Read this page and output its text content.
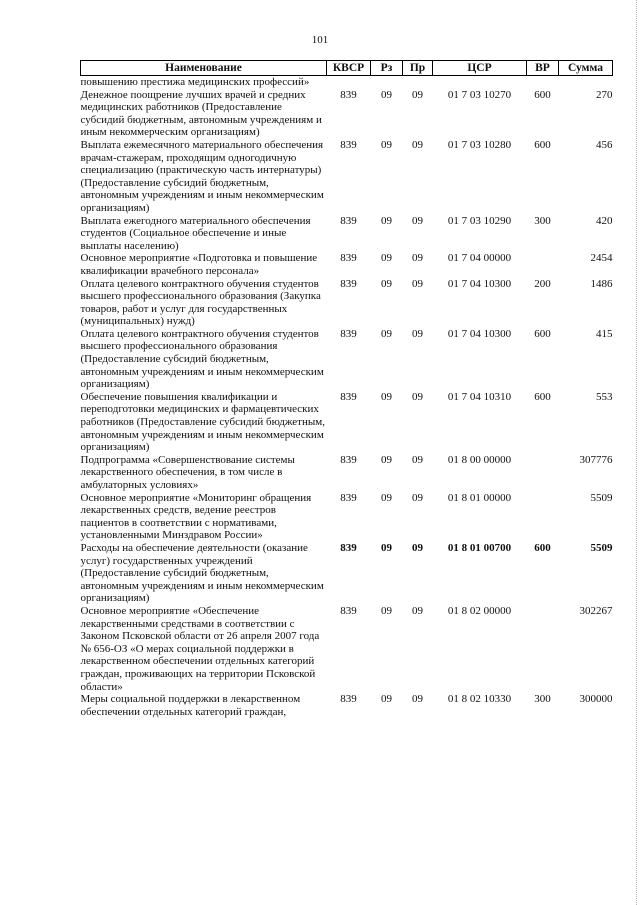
101
Наименование	КВСР	Рз	Пр	ЦСР	ВР	Сумма
повышению престижа медицинских профессий»						
Денежное поощрение лучших врачей и средних медицинских работников (Предоставление субсидий бюджетным, автономным учреждениям и иным некоммерческим организациям)	839	09	09	01 7 03 10270	600	270
Выплата ежемесячного материального обеспечения врачам-стажерам, проходящим одногодичную специализацию (практическую часть интернатуры) (Предоставление субсидий бюджетным, автономным учреждениям и иным некоммерческим организациям)	839	09	09	01 7 03 10280	600	456
Выплата ежегодного материального обеспечения студентов (Социальное обеспечение и иные выплаты населению)	839	09	09	01 7 03 10290	300	420
Основное мероприятие «Подготовка и повышение квалификации врачебного персонала»	839	09	09	01 7 04 00000		2454
Оплата целевого контрактного обучения студентов высшего профессионального образования (Закупка товаров, работ и услуг для государственных (муниципальных) нужд)	839	09	09	01 7 04 10300	200	1486
Оплата целевого контрактного обучения студентов высшего профессионального образования (Предоставление субсидий бюджетным, автономным учреждениям и иным некоммерческим организациям)	839	09	09	01 7 04 10300	600	415
Обеспечение повышения квалификации и переподготовки медицинских и фармацевтических работников (Предоставление субсидий бюджетным, автономным учреждениям и иным некоммерческим организациям)	839	09	09	01 7 04 10310	600	553
Подпрограмма «Совершенствование системы лекарственного обеспечения, в том числе в амбулаторных условиях»	839	09	09	01 8 00 00000		307776
Основное мероприятие «Мониторинг обращения лекарственных средств, ведение реестров пациентов в соответствии с нормативами, установленными Минздравом России»	839	09	09	01 8 01 00000		5509
Расходы на обеспечение деятельности (оказание услуг) государственных учреждений (Предоставление субсидий бюджетным, автономным учреждениям и иным некоммерческим организациям)	839	09	09	01 8 01 00700	600	5509
Основное мероприятие «Обеспечение лекарственными средствами в соответствии с Законом Псковской области от 26 апреля 2007 года № 656-ОЗ «О мерах социальной поддержки в лекарственном обеспечении отдельных категорий граждан, проживающих на территории Псковской области»	839	09	09	01 8 02 00000		302267
Меры социальной поддержки в лекарственном обеспечении отдельных категорий граждан,	839	09	09	01 8 02 10330	300	300000
